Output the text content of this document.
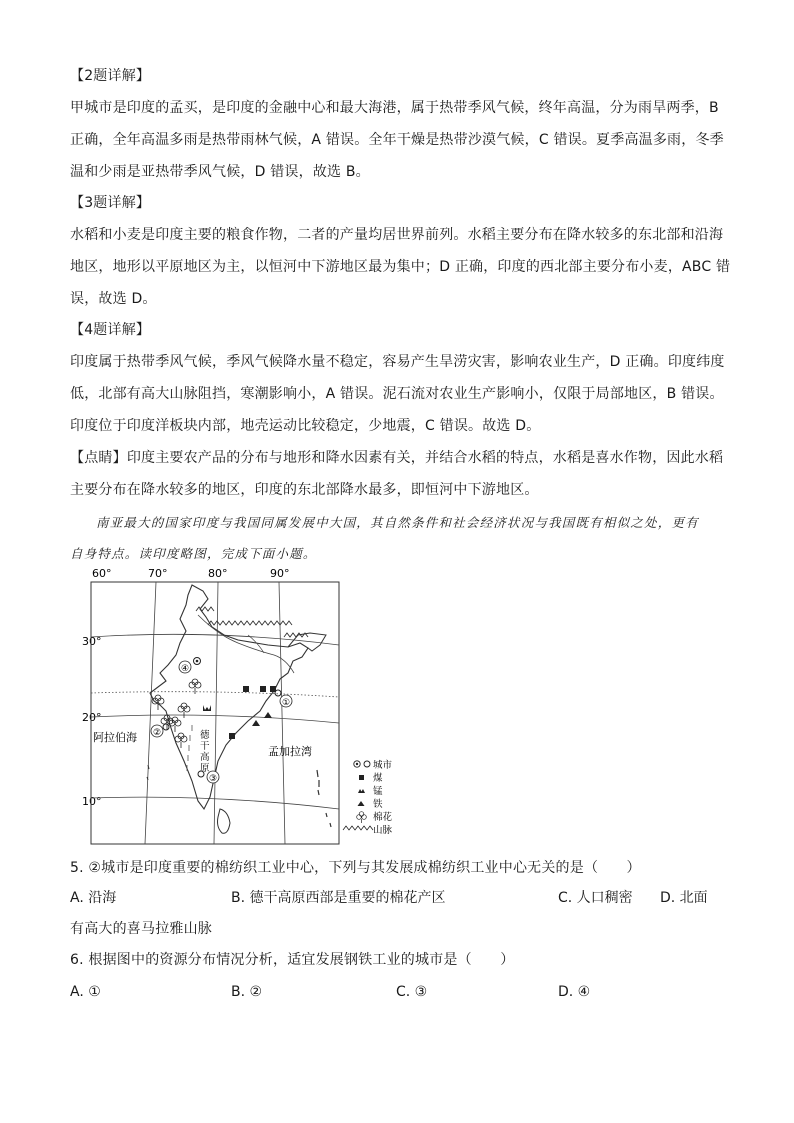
【2题详解】
甲城市是印度的孟买，是印度的金融中心和最大海港，属于热带季风气候，终年高温，分为雨旱两季，B
正确，全年高温多雨是热带雨林气候，A 错误。全年干燥是热带沙漠气候，C 错误。夏季高温多雨，冬季
温和少雨是亚热带季风气候，D 错误，故选 B。
【3题详解】
水稻和小麦是印度主要的粮食作物，二者的产量均居世界前列。水稻主要分布在降水较多的东北部和沿海
地区，地形以平原地区为主，以恒河中下游地区最为集中；D 正确，印度的西北部主要分布小麦，ABC 错
误，故选 D。
【4题详解】
印度属于热带季风气候，季风气候降水量不稳定，容易产生旱涝灾害，影响农业生产，D 正确。印度纬度
低，北部有高大山脉阻挡，寒潮影响小，A 错误。泥石流对农业生产影响小，仅限于局部地区，B 错误。
印度位于印度洋板块内部，地壳运动比较稳定，少地震，C 错误。故选 D。
【点睛】印度主要农产品的分布与地形和降水因素有关，并结合水稻的特点，水稻是喜水作物，因此水稻
主要分布在降水较多的地区，印度的东北部降水最多，即恒河中下游地区。
南亚最大的国家印度与我国同属发展中大国，其自然条件和社会经济状况与我国既有相似之处，更有
自身特点。读印度略图，完成下面小题。
60°	70°	80°	90°
30°
20°
10°
④
①
②
③
阿拉伯海
孟加拉湾
德
干
高
原	城市
煤
锰
铁
棉花
山脉
5. ②城市是印度重要的棉纺织工业中心，下列与其发展成棉纺织工业中心无关的是（　　）
A. 沿海	B. 德干高原西部是重要的棉花产区	C. 人口稠密 D. 北面
有高大的喜马拉雅山脉
6. 根据图中的资源分布情况分析，适宜发展钢铁工业的城市是（　　）
A. ①	B. ②	C. ③	D. ④
